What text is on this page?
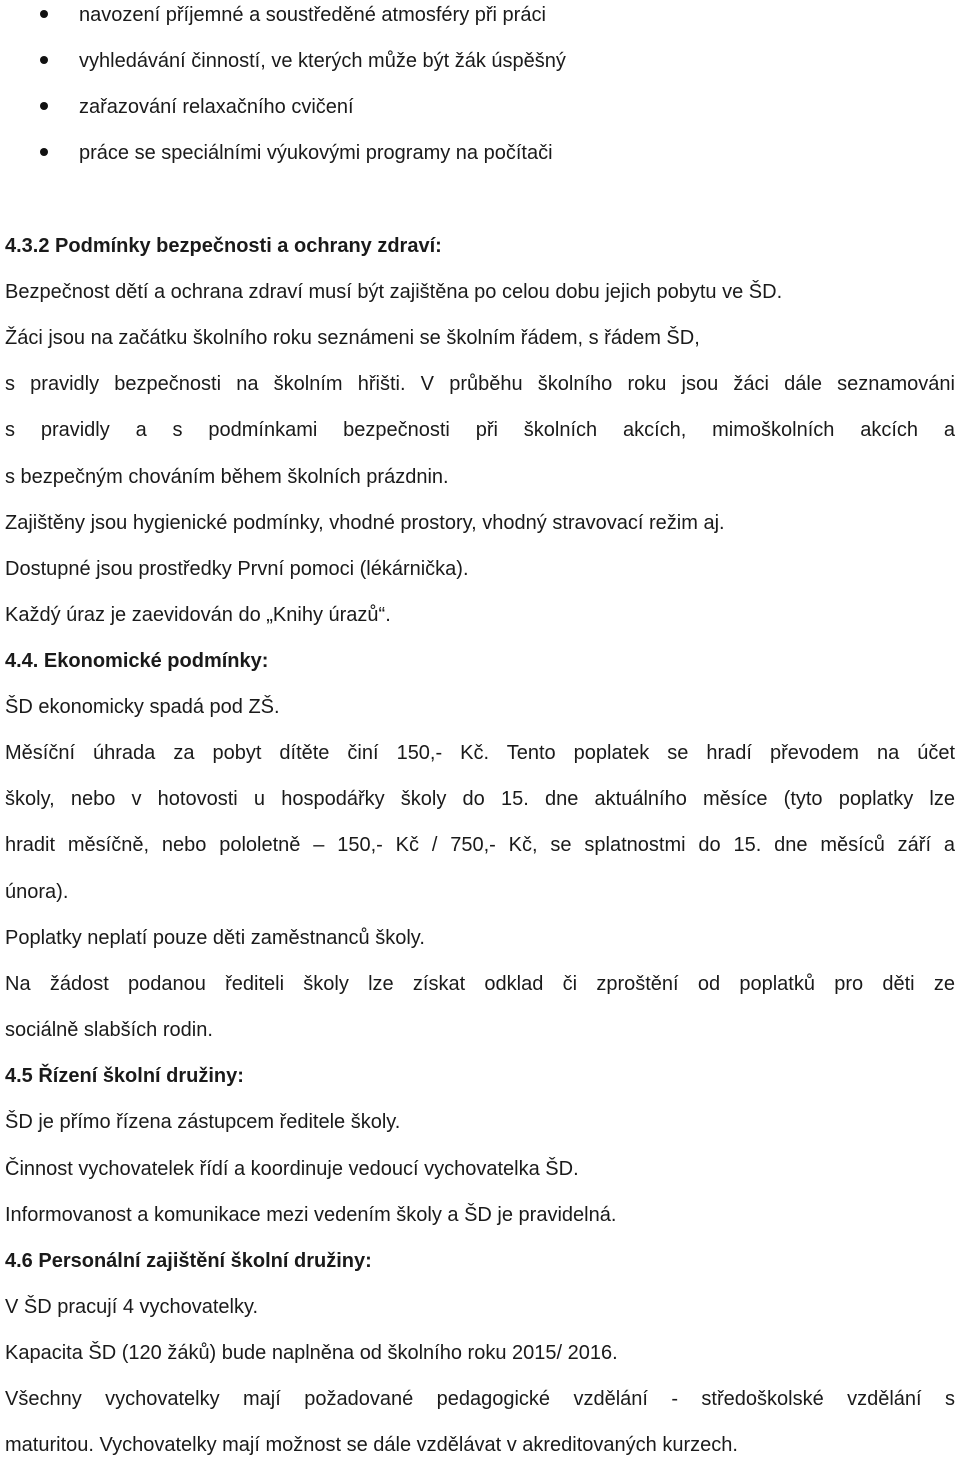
navození příjemné a soustředěné atmosféry při práci
vyhledávání činností, ve kterých může být žák úspěšný
zařazování relaxačního cvičení
práce se speciálními výukovými programy na počítači
4.3.2 Podmínky bezpečnosti a ochrany zdraví:
Bezpečnost dětí a ochrana zdraví musí být zajištěna po celou dobu jejich pobytu ve ŠD.
Žáci jsou na začátku školního roku seznámeni se školním řádem, s řádem ŠD,
s pravidly bezpečnosti na školním hřišti. V průběhu školního roku jsou žáci dále seznamováni
s pravidly a s podmínkami bezpečnosti při školních akcích, mimoškolních akcích a
s bezpečným chováním během školních prázdnin.
Zajištěny jsou hygienické podmínky, vhodné prostory, vhodný stravovací režim aj.
Dostupné jsou prostředky První pomoci (lékárnička).
Každý úraz je zaevidován do „Knihy úrazů“.
4.4. Ekonomické podmínky:
ŠD ekonomicky spadá pod ZŠ.
Měsíční úhrada za pobyt dítěte činí 150,- Kč. Tento poplatek se hradí převodem na účet
školy, nebo v hotovosti u hospodářky školy do 15. dne aktuálního měsíce (tyto poplatky lze
hradit měsíčně, nebo pololetně – 150,- Kč / 750,- Kč, se splatnostmi do 15. dne měsíců září a
února).
Poplatky neplatí pouze děti zaměstnanců školy.
Na žádost podanou řediteli školy lze získat odklad či zproštění od poplatků pro děti ze
sociálně slabších rodin.
4.5 Řízení školní družiny:
ŠD je přímo řízena zástupcem ředitele školy.
Činnost vychovatelek řídí a koordinuje vedoucí vychovatelka ŠD.
Informovanost a komunikace mezi vedením školy a ŠD je pravidelná.
4.6 Personální zajištění školní družiny:
V ŠD pracují 4 vychovatelky.
Kapacita ŠD (120 žáků) bude naplněna od školního roku 2015/ 2016.
Všechny vychovatelky mají požadované pedagogické vzdělání - středoškolské vzdělání s
maturitou. Vychovatelky mají možnost se dále vzdělávat v akreditovaných kurzech.
